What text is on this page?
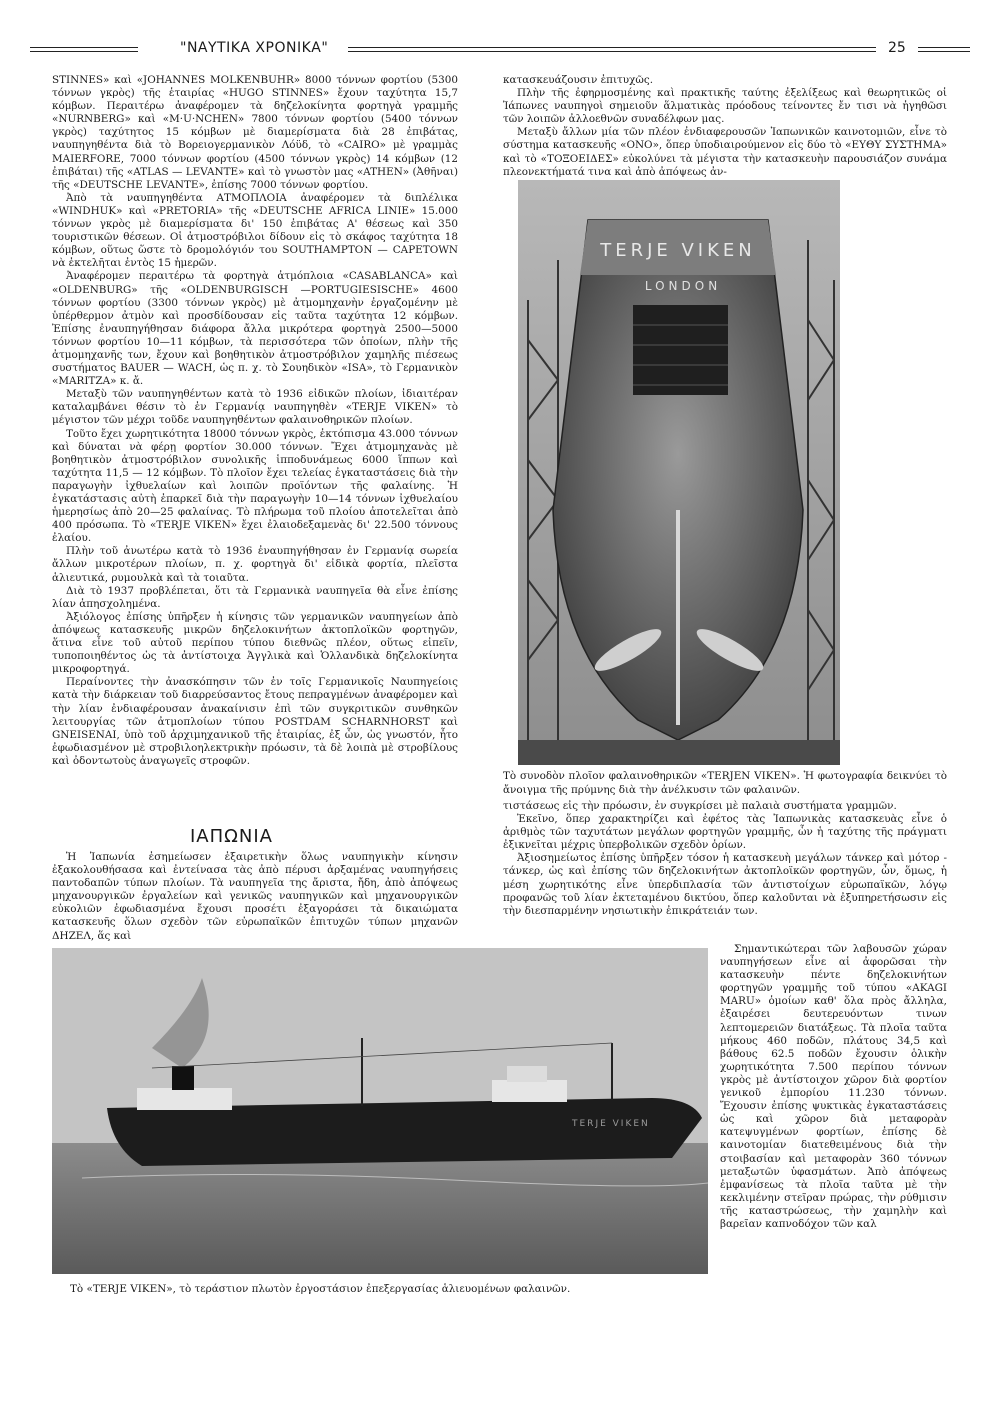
"ΝΑΥΤΙΚΑ ΧΡΟΝΙΚΑ"	25

STINNES» καὶ «JOHANNES MOLKENBUHR» 8000 τόννων φορτίου (5300 τόννων γκρὸς) τῆς ἑταιρίας «HUGO STINNES» ἔχουν ταχύτητα 15,7 κόμβων. Περαιτέρω ἀναφέρομεν τὰ δηζελοκίνητα φορτηγὰ γραμμῆς «NURNBERG» καὶ «M·U·NCHEN» 7800 τόννων φορτίου (5400 τόννων γκρὸς) ταχύτητος 15 κόμβων μὲ διαμερίσματα διὰ 28 ἐπιβάτας, ναυπηγηθέντα διὰ τὸ Βορειογερμανικὸν Λόϋδ, τὸ «CAIRO» μὲ γραμμὰς MAIERFORE, 7000 τόννων φορτίου (4500 τόννων γκρὸς) 14 κόμβων (12 ἐπιβάται) τῆς «ATLAS — LEVANTE» καὶ τὸ γνωστὸν μας «ATHEN» (Ἀθῆναι) τῆς «DEUTSCHE LEVANTE», ἐπίσης 7000 τόννων φορτίου.

Ἀπὸ τὰ ναυπηγηθέντα ΑΤΜΟΠΛΟΙΑ ἀναφέρομεν τὰ διπλέλικα «WINDHUK» καὶ «PRETORIA» τῆς «DEUTSCHE AFRICA LINIE» 15.000 τόννων γκρὸς μὲ διαμερίσματα δι' 150 ἐπιβάτας Α' θέσεως καὶ 350 τουριστικῶν θέσεων. Οἱ ἀτμοστρόβιλοι δίδουν εἰς τὸ σκάφος ταχύτητα 18 κόμβων, οὕτως ὥστε τὸ δρομολόγιόν του SOUTHAMPTON — CAPETOWN νὰ ἐκτελῆται ἐντὸς 15 ἡμερῶν.

Ἀναφέρομεν περαιτέρω τὰ φορτηγὰ ἀτμόπλοια «CASABLANCA» καὶ «OLDENBURG» τῆς «OLDENBURGISCH —PORTUGIESISCHE» 4600 τόννων φορτίου (3300 τόννων γκρὸς) μὲ ἀτμομηχανὴν ἐργαζομένην μὲ ὑπέρθερμον ἀτμὸν καὶ προσδίδουσαν εἰς ταῦτα ταχύτητα 12 κόμβων. Ἐπίσης ἐναυπηγήθησαν διάφορα ἄλλα μικρότερα φορτηγὰ 2500—5000 τόννων φορτίου 10—11 κόμβων, τὰ περισσότερα τῶν ὁποίων, πλὴν τῆς ἀτμομηχανῆς των, ἔχουν καὶ βοηθητικὸν ἀτμοστρόβιλον χαμηλῆς πιέσεως συστήματος BAUER — WACH, ὡς π. χ. τὸ Σουηδικὸν «ISA», τὸ Γερμανικὸν «MARITZA» κ. ἄ.

Μεταξὺ τῶν ναυπηγηθέντων κατὰ τὸ 1936 εἰδικῶν πλοίων, ἰδιαιτέραν καταλαμβάνει θέσιν τὸ ἐν Γερμανίᾳ ναυπηγηθὲν «TERJE VIKEN» τὸ μέγιστον τῶν μέχρι τοῦδε ναυπηγηθέντων φαλαινοθηρικῶν πλοίων.

Τοῦτο ἔχει χωρητικότητα 18000 τόννων γκρὸς, ἐκτόπισμα 43.000 τόννων καὶ δύναται νὰ φέρῃ φορτίον 30.000 τόννων. Ἔχει ἀτμομηχανὰς μὲ βοηθητικὸν ἀτμοστρόβιλον συνολικῆς ἱπποδυνάμεως 6000 ἵππων καὶ ταχύτητα 11,5 — 12 κόμβων. Τὸ πλοῖον ἔχει τελείας ἐγκαταστάσεις διὰ τὴν παραγωγὴν ἰχθυελαίων καὶ λοιπῶν προϊόντων τῆς φαλαίνης. Ἡ ἐγκατάστασις αὐτὴ ἐπαρκεῖ διὰ τὴν παραγωγὴν 10—14 τόννων ἰχθυελαίου ἡμερησίως ἀπὸ 20—25 φαλαίνας. Τὸ πλήρωμα τοῦ πλοίου ἀποτελεῖται ἀπὸ 400 πρόσωπα. Τὸ «TERJE VIKEN» ἔχει ἐλαιοδεξαμενὰς δι' 22.500 τόννους ἐλαίου.

Πλὴν τοῦ ἀνωτέρω κατὰ τὸ 1936 ἐναυπηγήθησαν ἐν Γερμανίᾳ σωρεία ἄλλων μικροτέρων πλοίων, π. χ. φορτηγὰ δι' εἰδικὰ φορτία, πλεῖστα ἁλιευτικά, ρυμουλκὰ καὶ τὰ τοιαῦτα.

Διὰ τὸ 1937 προβλέπεται, ὅτι τὰ Γερμανικὰ ναυπηγεῖα θὰ εἶνε ἐπίσης λίαν ἀπησχολημένα.

Ἀξιόλογος ἐπίσης ὑπῆρξεν ἡ κίνησις τῶν γερμανικῶν ναυπηγείων ἀπὸ ἀπόψεως κατασκευῆς μικρῶν δηζελοκινήτων ἀκτοπλοϊκῶν φορτηγῶν, ἅτινα εἶνε τοῦ αὐτοῦ περίπου τύπου διεθνῶς πλέον, οὕτως εἰπεῖν, τυποποιηθέντος ὡς τὰ ἀντίστοιχα Ἀγγλικὰ καὶ Ὁλλανδικὰ δηζελοκίνητα μικροφορτηγά.

Περαίνοντες τὴν ἀνασκόπησιν τῶν ἐν τοῖς Γερμανικοῖς Ναυπηγείοις κατὰ τὴν διάρκειαν τοῦ διαρρεύσαντος ἔτους πεπραγμένων ἀναφέρομεν καὶ τὴν λίαν ἐνδιαφέρουσαν ἀνακαίνισιν ἐπὶ τῶν συγκριτικῶν συνθηκῶν λειτουργίας τῶν ἀτμοπλοίων τύπου POSTDAM SCHARNHORST καὶ GNEISENAI, ὑπὸ τοῦ ἀρχιμηχανικοῦ τῆς ἑταιρίας, ἐξ ὧν, ὡς γνωστόν, ἦτο ἐφωδιασμένον μὲ στροβιλοηλεκτρικὴν πρόωσιν, τὰ δὲ λοιπὰ μὲ στροβίλους καὶ ὀδοντωτοὺς ἀναγωγεῖς στροφῶν.

ΙΑΠΩΝΙΑ

Ἡ Ἰαπωνία ἐσημείωσεν ἐξαιρετικὴν ὅλως ναυπηγικὴν κίνησιν ἐξακολουθήσασα καὶ ἐντείνασα τὰς ἀπὸ πέρυσι ἀρξαμένας ναυπηγήσεις παντοδαπῶν τύπων πλοίων. Τὰ ναυπηγεῖα της ἄριστα, ἤδη, ἀπὸ ἀπόψεως μηχανουργικῶν ἐργαλείων καὶ γενικῶς ναυπηγικῶν καὶ μηχανουργικῶν εὐκολιῶν ἐφωδιασμένα ἔχουσι προσέτι ἐξαγοράσει τὰ δικαιώματα κατασκευῆς ὅλων σχεδὸν τῶν εὐρωπαϊκῶν ἐπιτυχῶν τύπων μηχανῶν ΔΗΖΕΛ, ἅς καὶ

κατασκευάζουσιν ἐπιτυχῶς.

Πλὴν τῆς ἐφηρμοσμένης καὶ πρακτικῆς ταύτης ἐξελίξεως καὶ θεωρητικῶς οἱ Ἰάπωνες ναυπηγοὶ σημειοῦν ἅλματικὰς πρόοδους τείνοντες ἔν τισι νὰ ἡγηθῶσι τῶν λοιπῶν ἀλλοεθνῶν συναδέλφων μας.

Μεταξὺ ἄλλων μία τῶν πλέον ἐνδιαφερουσῶν Ἰαπωνικῶν καινοτομιῶν, εἶνε τὸ σύστημα κατασκευῆς «ΟΝΟ», ὅπερ ὑποδιαιρούμενον εἰς δύο τὸ «ΕΥΘΥ ΣΥΣΤΗΜΑ» καὶ τὸ «ΤΟΞΟΕΙΔΕΣ» εὐκολύνει τὰ μέγιστα τὴν κατασκευὴν παρουσιάζον συνάμα πλεονεκτήματά τινα καὶ ἀπὸ ἀπόψεως ἀν-

TERJE VIKEN
LONDON
Τὸ συνοδὸν πλοῖον φαλαινοθηρικῶν «TERJEN VIKEN». Ἡ φωτογραφία δεικνύει τὸ ἄνοιγμα τῆς πρύμνης διὰ τὴν ἀνέλκυσιν τῶν φαλαινῶν.

τιστάσεως εἰς τὴν πρόωσιν, ἐν συγκρίσει μὲ παλαιὰ συστήματα γραμμῶν.

Ἐκεῖνο, ὅπερ χαρακτηρίζει καὶ ἐφέτος τὰς Ἰαπωνικὰς κατασκευὰς εἶνε ὁ ἀριθμὸς τῶν ταχυτάτων μεγάλων φορτηγῶν γραμμῆς, ὧν ἡ ταχύτης τῆς πράγματι ἐξικνεῖται μέχρις ὑπερβολικῶν σχεδὸν ὁρίων.

Ἀξιοσημείωτος ἐπίσης ὑπῆρξεν τόσον ἡ κατασκευὴ μεγάλων τάνκερ καὶ μότορ - τάνκερ, ὡς καὶ ἐπίσης τῶν δηζελοκινήτων ἀκτοπλοϊκῶν φορτηγῶν, ὧν, ὅμως, ἡ μέση χωρητικότης εἶνε ὑπερδιπλασία τῶν ἀντιστοίχων εὐρωπαϊκῶν, λόγῳ προφανῶς τοῦ λίαν ἐκτεταμένου δικτύου, ὅπερ καλοῦνται νὰ ἐξυπηρετήσωσιν εἰς τὴν διεσπαρμένην νησιωτικὴν ἐπικράτειάν των.

TERJE VIKEN
Τὸ «TERJE VIKEN», τὸ τεράστιον πλωτὸν ἐργοστάσιον ἐπεξεργασίας ἁλιευομένων φαλαινῶν.

Σημαντικώτεραι τῶν λαβουσῶν χώραν ναυπηγήσεων εἶνε αἱ ἀφορῶσαι τὴν κατασκευὴν πέντε δηζελοκινήτων φορτηγῶν γραμμῆς τοῦ τύπου «AKAGI MARU» ὁμοίων καθ' ὅλα πρὸς ἄλληλα, ἐξαιρέσει δευτερευόντων τινων λεπτομερειῶν διατάξεως. Τὰ πλοῖα ταῦτα μήκους 460 ποδῶν, πλάτους 34,5 καὶ βάθους 62.5 ποδῶν ἔχουσιν ὁλικὴν χωρητικότητα 7.500 περίπου τόννων γκρὸς μὲ ἀντίστοιχον χῶρον διὰ φορτίον γενικοῦ ἐμπορίου 11.230 τόννων. Ἔχουσιν ἐπίσης ψυκτικὰς ἐγκαταστάσεις ὡς καὶ χῶρον διὰ μεταφορὰν κατεψυγμένων φορτίων, ἐπίσης δὲ καινοτομίαν διατεθειμένους διὰ τὴν στοιβασίαν καὶ μεταφορὰν 360 τόννων μεταξωτῶν ὑφασμάτων. Ἀπὸ ἀπόψεως ἐμφανίσεως τὰ πλοῖα ταῦτα μὲ τὴν κεκλιμένην στεῖραν πρώρας, τὴν ρύθμισιν τῆς καταστρώσεως, τὴν χαμηλὴν καὶ βαρεῖαν καπνοδόχον τῶν καλ
